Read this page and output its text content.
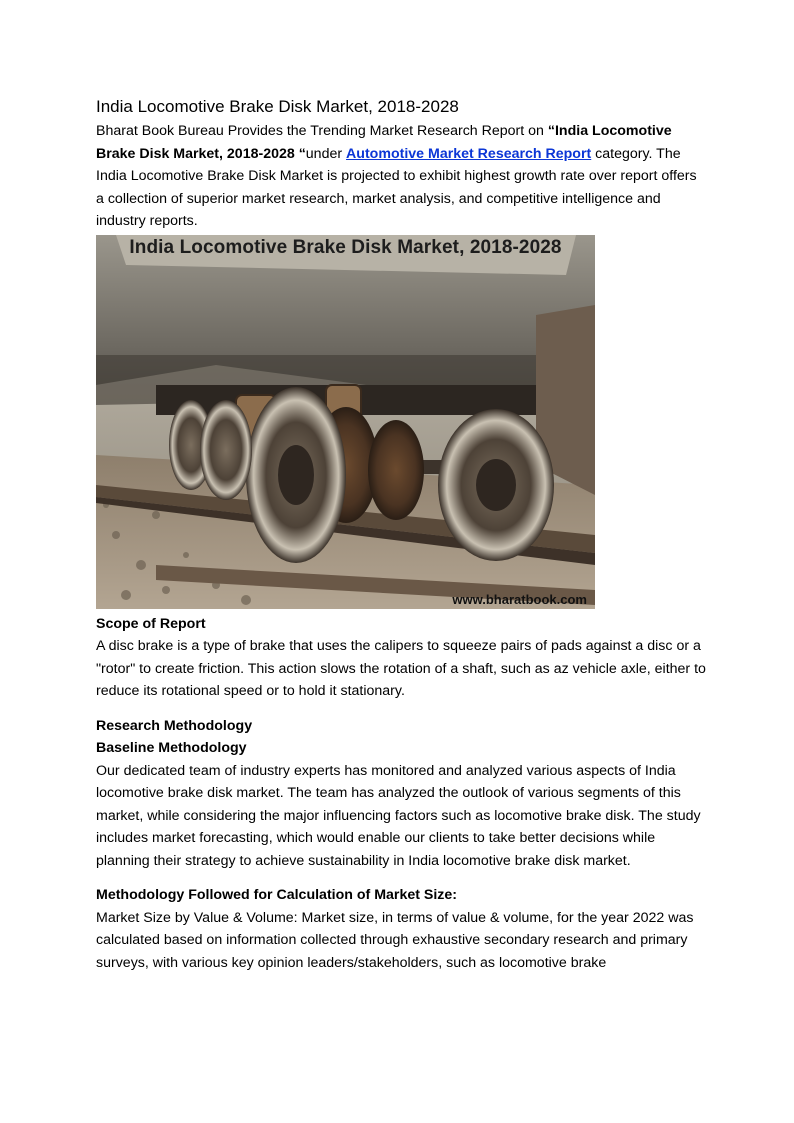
India Locomotive Brake Disk Market, 2018-2028

Bharat Book Bureau Provides the Trending Market Research Report on “India Locomotive Brake Disk Market, 2018-2028 “under Automotive Market Research Report category. The India Locomotive Brake Disk Market is projected to exhibit highest growth rate over report offers a collection of superior market research, market analysis, and competitive intelligence and industry reports.

India Locomotive Brake Disk Market, 2018-2028
www.bharatbook.com

Scope of Report

A disc brake is a type of brake that uses the calipers to squeeze pairs of pads against a disc or a "rotor" to create friction. This action slows the rotation of a shaft, such as az vehicle axle, either to reduce its rotational speed or to hold it stationary.

Research Methodology

Baseline Methodology

Our dedicated team of industry experts has monitored and analyzed various aspects of India locomotive brake disk market. The team has analyzed the outlook of various segments of this market, while considering the major influencing factors such as locomotive brake disk. The study includes market forecasting, which would enable our clients to take better decisions while planning their strategy to achieve sustainability in India locomotive brake disk market.

Methodology Followed for Calculation of Market Size:

Market Size by Value & Volume: Market size, in terms of value & volume, for the year 2022 was calculated based on information collected through exhaustive secondary research and primary surveys, with various key opinion leaders/stakeholders, such as locomotive brake
